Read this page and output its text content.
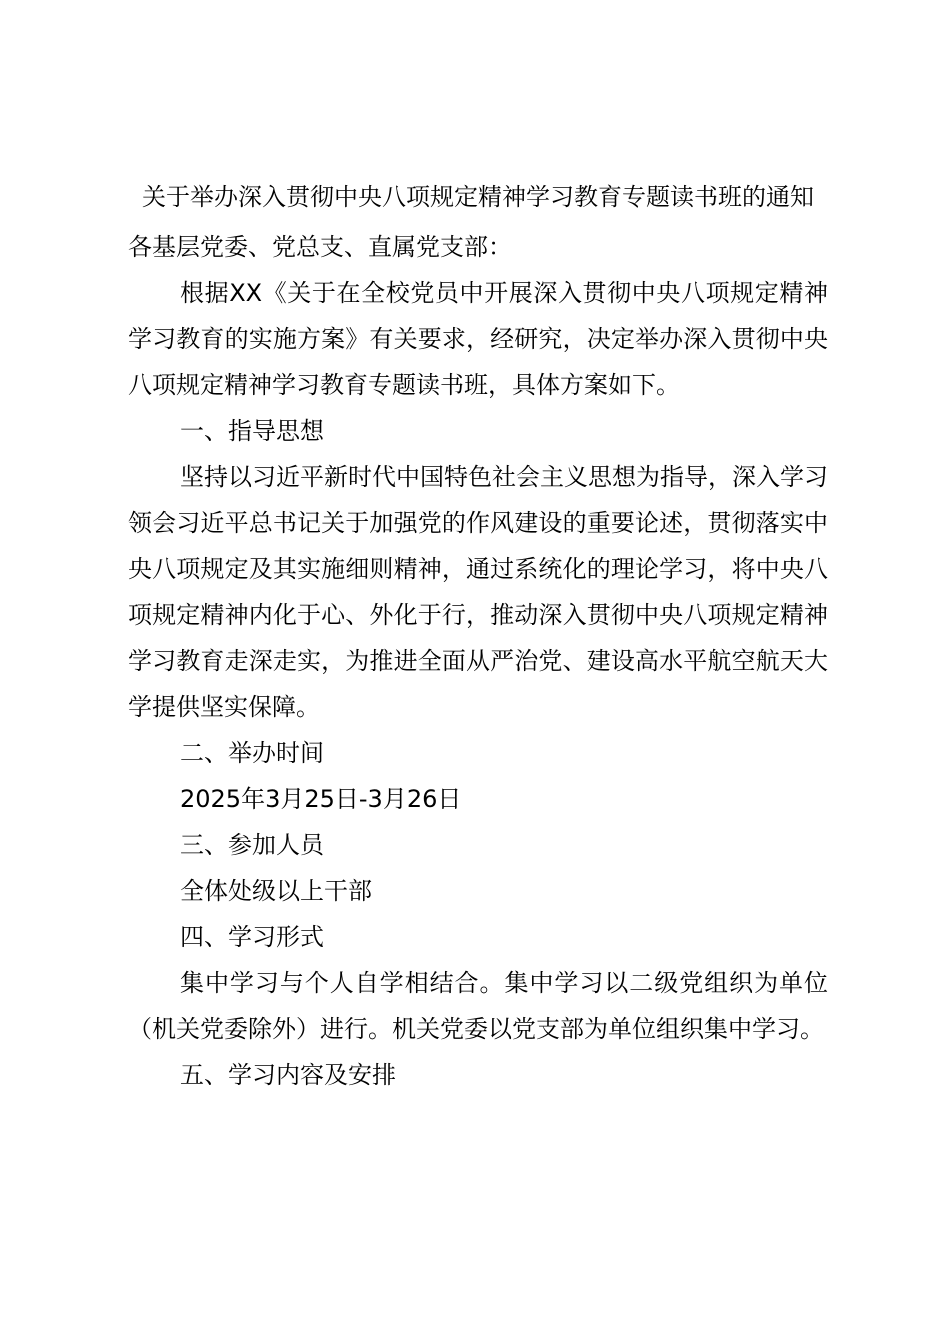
关于举办深入贯彻中央八项规定精神学习教育专题读书班的通知

各基层党委、党总支、直属党支部：

根据XX《关于在全校党员中开展深入贯彻中央八项规定精神学习教育的实施方案》有关要求，经研究，决定举办深入贯彻中央八项规定精神学习教育专题读书班，具体方案如下。

一、指导思想

坚持以习近平新时代中国特色社会主义思想为指导，深入学习领会习近平总书记关于加强党的作风建设的重要论述，贯彻落实中央八项规定及其实施细则精神，通过系统化的理论学习，将中央八项规定精神内化于心、外化于行，推动深入贯彻中央八项规定精神学习教育走深走实，为推进全面从严治党、建设高水平航空航天大学提供坚实保障。

二、举办时间

2025年3月25日-3月26日

三、参加人员

全体处级以上干部

四、学习形式

集中学习与个人自学相结合。集中学习以二级党组织为单位（机关党委除外）进行。机关党委以党支部为单位组织集中学习。

五、学习内容及安排
